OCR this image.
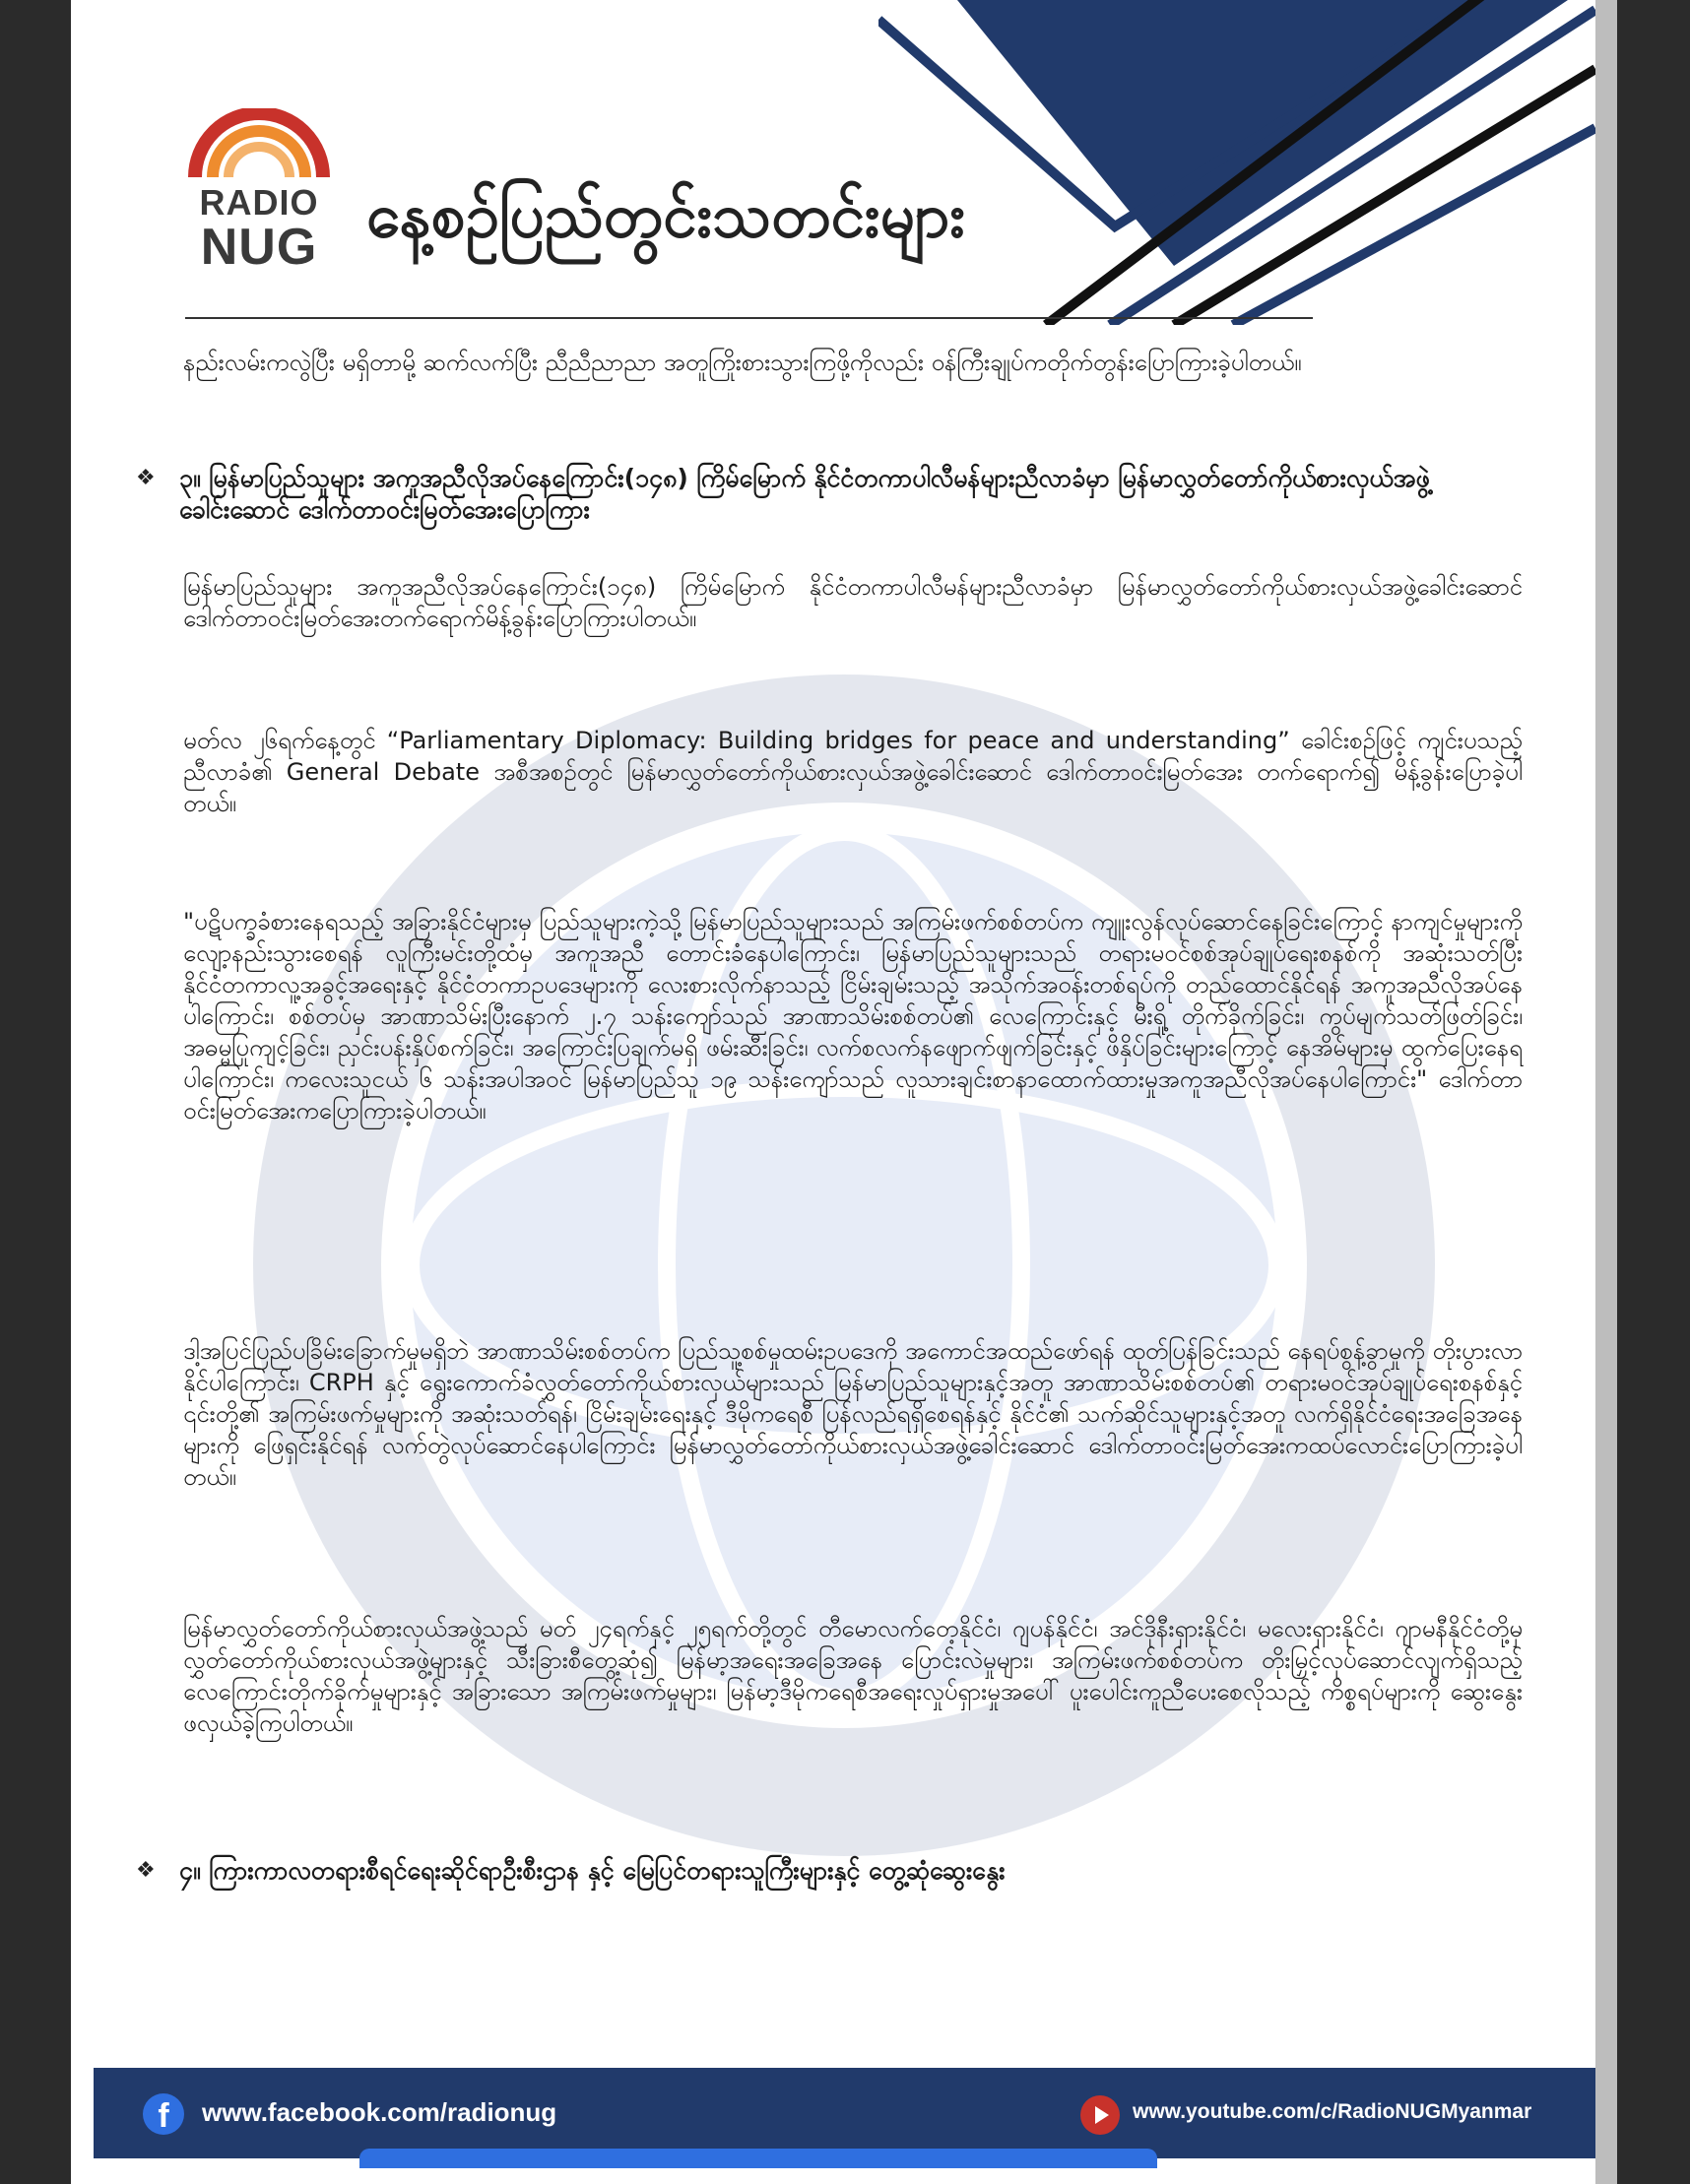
RADIO
NUG နေ့စဉ်ပြည်တွင်းသတင်းများ
နည်းလမ်းကလွဲပြီး မရှိတာမို့ ဆက်လက်ပြီး ညီညီညာညာ အတူကြိုးစားသွားကြဖို့ကိုလည်း ဝန်ကြီးချုပ်ကတိုက်တွန်းပြောကြားခဲ့ပါတယ်။
❖ ၃။ မြန်မာပြည်သူများ အကူအညီလိုအပ်နေကြောင်း(၁၄၈) ကြိမ်မြောက် နိုင်ငံတကာပါလီမန်များညီလာခံမှာ မြန်မာလွှတ်တော်ကိုယ်စားလှယ်အဖွဲ့ခေါင်းဆောင် ဒေါက်တာဝင်းမြတ်အေးပြောကြား
မြန်မာပြည်သူများ အကူအညီလိုအပ်နေကြောင်း(၁၄၈) ကြိမ်မြောက် နိုင်ငံတကာပါလီမန်များညီလာခံမှာ မြန်မာလွှတ်တော်ကိုယ်စားလှယ်အဖွဲ့ခေါင်းဆောင် ဒေါက်တာဝင်းမြတ်အေးတက်ရောက်မိန့်ခွန်းပြောကြားပါတယ်။
မတ်လ ၂၆ရက်နေ့တွင် “Parliamentary Diplomacy: Building bridges for peace and understanding” ခေါင်းစဉ်ဖြင့် ကျင်းပသည့် ညီလာခံ၏ General Debate အစီအစဉ်တွင် မြန်မာလွှတ်တော်ကိုယ်စားလှယ်အဖွဲ့ခေါင်းဆောင် ဒေါက်တာဝင်းမြတ်အေး တက်ရောက်၍ မိန့်ခွန်းပြောခဲ့ပါတယ်။
"ပဋိပက္ခခံစားနေရသည့် အခြားနိုင်ငံများမှ ပြည်သူများကဲ့သို့ မြန်မာပြည်သူများသည် အကြမ်းဖက်စစ်တပ်က ကျူးလွန်လုပ်ဆောင်နေခြင်းကြောင့် နာကျင်မှုများကို လျော့နည်းသွားစေရန် လူကြီးမင်းတို့ထံမှ အကူအညီ တောင်းခံနေပါကြောင်း၊ မြန်မာပြည်သူများသည် တရားမဝင်စစ်အုပ်ချုပ်ရေးစနစ်ကို အဆုံးသတ်ပြီး နိုင်ငံတကာလူ့အခွင့်အရေးနှင့် နိုင်ငံတကာဥပဒေများကို လေးစားလိုက်နာသည့် ငြိမ်းချမ်းသည့် အသိုက်အဝန်းတစ်ရပ်ကို တည်ထောင်နိုင်ရန် အကူအညီလိုအပ်နေပါကြောင်း၊ စစ်တပ်မှ အာဏာသိမ်းပြီးနောက် ၂.၇ သန်းကျော်သည် အာဏာသိမ်းစစ်တပ်၏ လေကြောင်းနှင့် မီးရှို့ တိုက်ခိုက်ခြင်း၊ ကွပ်မျက်သတ်ဖြတ်ခြင်း၊ အဓမ္မပြုကျင့်ခြင်း၊ ညှင်းပန်းနှိပ်စက်ခြင်း၊ အကြောင်းပြချက်မရှိ ဖမ်းဆီးခြင်း၊ လက်စလက်နဖျောက်ဖျက်ခြင်းနှင့် ဖိနှိပ်ခြင်းများကြောင့် နေအိမ်များမှ ထွက်ပြေးနေရပါကြောင်း၊ ကလေးသူငယ် ၆ သန်းအပါအဝင် မြန်မာပြည်သူ ၁၉ သန်းကျော်သည် လူသားချင်းစာနာထောက်ထားမှုအကူအညီလိုအပ်နေပါကြောင်း" ဒေါက်တာဝင်းမြတ်အေးကပြောကြားခဲ့ပါတယ်။
ဒါ့အပြင်ပြည်ပခြိမ်းခြောက်မှုမရှိဘဲ အာဏာသိမ်းစစ်တပ်က ပြည်သူ့စစ်မှုထမ်းဥပဒေကို အကောင်အထည်ဖော်ရန် ထုတ်ပြန်ခြင်းသည် နေရပ်စွန့်ခွာမှုကို တိုးပွားလာနိုင်ပါကြောင်း၊ CRPH နှင့် ရွေးကောက်ခံလွှတ်တော်ကိုယ်စားလှယ်များသည် မြန်မာပြည်သူများနှင့်အတူ အာဏာသိမ်းစစ်တပ်၏ တရားမဝင်အုပ်ချုပ်ရေးစနစ်နှင့် ၎င်းတို့၏ အကြမ်းဖက်မှုများကို အဆုံးသတ်ရန်၊ ငြိမ်းချမ်းရေးနှင့် ဒီမိုကရေစီ ပြန်လည်ရရှိစေရန်နှင့် နိုင်ငံ၏ သက်ဆိုင်သူများနှင့်အတူ လက်ရှိနိုင်ငံရေးအခြေအနေများကို ဖြေရှင်းနိုင်ရန် လက်တွဲလုပ်ဆောင်နေပါကြောင်း မြန်မာလွှတ်တော်ကိုယ်စားလှယ်အဖွဲ့ခေါင်းဆောင် ဒေါက်တာဝင်းမြတ်အေးကထပ်လောင်းပြောကြားခဲ့ပါတယ်။
မြန်မာလွှတ်တော်ကိုယ်စားလှယ်အဖွဲ့သည် မတ် ၂၄ရက်နှင့် ၂၅ရက်တို့တွင် တီမောလက်တေ့နိုင်ငံ၊ ဂျပန်နိုင်ငံ၊ အင်ဒိုနီးရှားနိုင်ငံ၊ မလေးရှားနိုင်ငံ၊ ဂျာမနီနိုင်ငံတို့မှ လွှတ်တော်ကိုယ်စားလှယ်အဖွဲ့များနှင့် သီးခြားစီတွေ့ဆုံ၍ မြန်မာ့အရေးအခြေအနေ ပြောင်းလဲမှုများ၊ အကြမ်းဖက်စစ်တပ်က တိုးမြှင့်လုပ်ဆောင်လျက်ရှိသည့် လေကြောင်းတိုက်ခိုက်မှုများနှင့် အခြားသော အကြမ်းဖက်မှုများ၊ မြန်မာ့ဒီမိုကရေစီအရေးလှုပ်ရှားမှုအပေါ် ပူးပေါင်းကူညီပေးစေလိုသည့် ကိစ္စရပ်များကို ဆွေးနွေးဖလှယ်ခဲ့ကြပါတယ်။
❖ ၄။ ကြားကာလတရားစီရင်ရေးဆိုင်ရာဦးစီးဌာန နှင့် မြေပြင်တရားသူကြီးများနှင့် တွေ့ဆုံဆွေးနွေး
f	www.facebook.com/radionug	www.youtube.com/c/RadioNUGMyanmar
